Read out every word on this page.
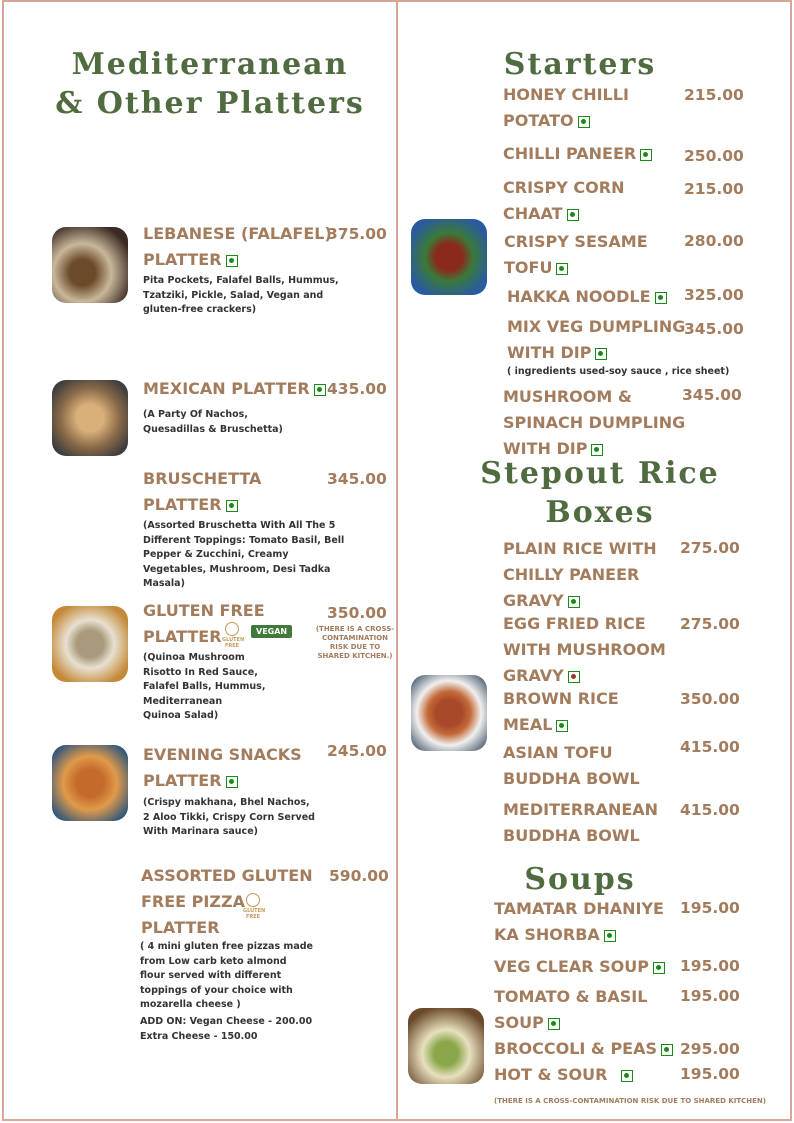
Mediterranean
& Other Platters
LEBANESE (FALAFEL)
PLATTER
375.00
Pita Pockets, Falafel Balls, Hummus,
Tzatziki, Pickle, Salad, Vegan and
gluten-free crackers)
MEXICAN PLATTER	435.00
(A Party Of Nachos,
Quesadillas & Bruschetta)
BRUSCHETTA
PLATTER
345.00
(Assorted Bruschetta With All The 5
Different Toppings: Tomato Basil, Bell
Pepper & Zucchini, Creamy
Vegetables, Mushroom, Desi Tadka
Masala)
GLUTEN FREE
PLATTER GLUTEN FREE
VEGAN
350.00
(THERE IS A CROSS-
CONTAMINATION
RISK DUE TO
SHARED KITCHEN.)
(Quinoa Mushroom
Risotto In Red Sauce,
Falafel Balls, Hummus,
Mediterranean
Quinoa Salad)
EVENING SNACKS
PLATTER
245.00
(Crispy makhana, Bhel Nachos,
2 Aloo Tikki, Crispy Corn Served
With Marinara sauce)
ASSORTED GLUTEN
FREE PIZZA
PLATTER
GLUTEN FREE
590.00
( 4 mini gluten free pizzas made
from Low carb keto almond
flour served with different
toppings of your choice with
mozarella cheese )
ADD ON: Vegan Cheese - 200.00
Extra Cheese - 150.00
Starters
HONEY CHILLI
POTATO
215.00
CHILLI PANEER	250.00
CRISPY CORN
CHAAT
215.00
CRISPY SESAME
TOFU
280.00
HAKKA NOODLE	325.00
MIX VEG DUMPLING
WITH DIP
345.00
( ingredients used-soy sauce , rice sheet)
MUSHROOM &
SPINACH DUMPLING
WITH DIP
345.00
Stepout Rice
Boxes
PLAIN RICE WITH
CHILLY PANEER
GRAVY
275.00
EGG FRIED RICE
WITH MUSHROOM
GRAVY
275.00
BROWN RICE
MEAL
350.00
ASIAN TOFU
BUDDHA BOWL
415.00
MEDITERRANEAN
BUDDHA BOWL
415.00
Soups
TAMATAR DHANIYE
KA SHORBA
195.00
VEG CLEAR SOUP	195.00
TOMATO & BASIL
SOUP
195.00
BROCCOLI & PEAS	295.00
HOT & SOUR	195.00
(THERE IS A CROSS-CONTAMINATION RISK DUE TO SHARED KITCHEN)
